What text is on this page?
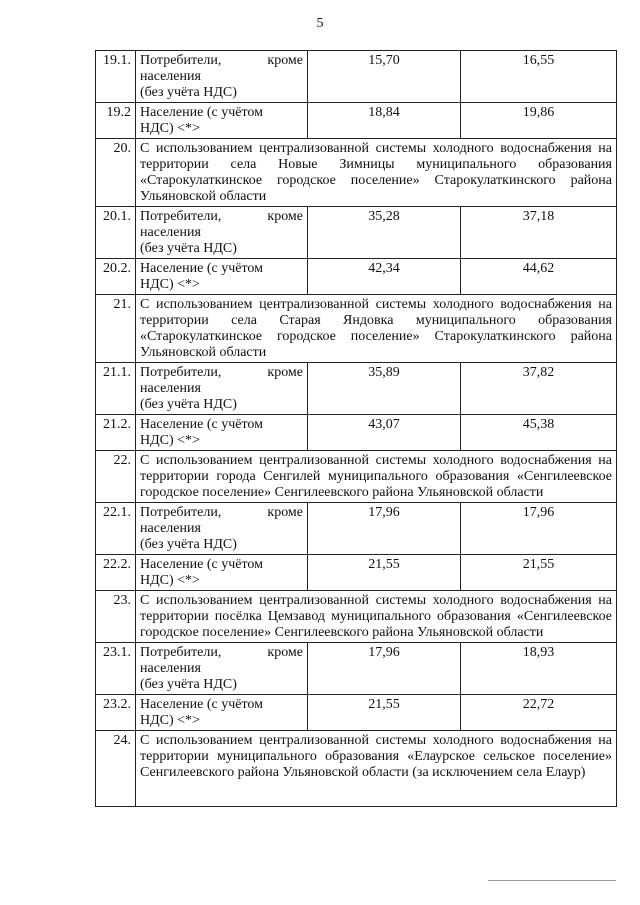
5
19.1.	Потребители, кроме
населения
(без учёта НДС)	15,70	16,55
19.2	Население (с учётом
НДС) <*>	18,84	19,86
20.	С использованием централизованной системы холодного водоснабжения на территории села Новые Зимницы муниципального образования «Старокулаткинское городское поселение» Старокулаткинского района Ульяновской области		
20.1.	Потребители, кроме
населения
(без учёта НДС)	35,28	37,18
20.2.	Население (с учётом
НДС) <*>	42,34	44,62
21.	С использованием централизованной системы холодного водоснабжения на территории села Старая Яндовка муниципального образования «Старокулаткинское городское поселение» Старокулаткинского района Ульяновской области		
21.1.	Потребители, кроме
населения
(без учёта НДС)	35,89	37,82
21.2.	Население (с учётом
НДС) <*>	43,07	45,38
22.	С использованием централизованной системы холодного водоснабжения на территории города Сенгилей муниципального образования «Сенгилеевское городское поселение» Сенгилеевского района Ульяновской области		
22.1.	Потребители, кроме
населения
(без учёта НДС)	17,96	17,96
22.2.	Население (с учётом
НДС) <*>	21,55	21,55
23.	С использованием централизованной системы холодного водоснабжения на территории посёлка Цемзавод муниципального образования «Сенгилеевское городское поселение» Сенгилеевского района Ульяновской области		
23.1.	Потребители, кроме
населения
(без учёта НДС)	17,96	18,93
23.2.	Население (с учётом
НДС) <*>	21,55	22,72
24.	С использованием централизованной системы холодного водоснабжения на территории муниципального образования «Елаурское сельское поселение» Сенгилеевского района Ульяновской области (за исключением села Елаур)		
